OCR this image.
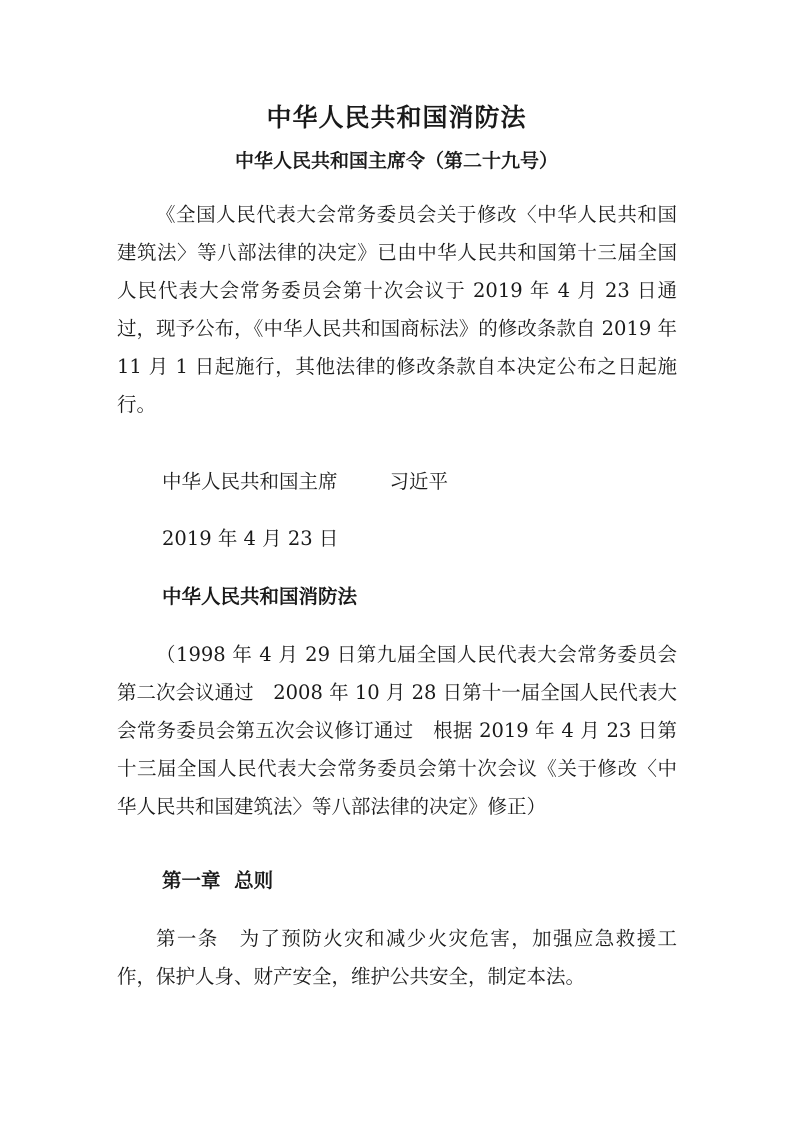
中华人民共和国消防法
中华人民共和国主席令（第二十九号）

《全国人民代表大会常务委员会关于修改〈中华人民共和国建筑法〉等八部法律的决定》已由中华人民共和国第十三届全国人民代表大会常务委员会第十次会议于 2019 年 4 月 23 日通过，现予公布，《中华人民共和国商标法》的修改条款自 2019 年 11 月 1 日起施行，其他法律的修改条款自本决定公布之日起施行。

中华人民共和国主席	习近平

2019 年 4 月 23 日

中华人民共和国消防法

（1998 年 4 月 29 日第九届全国人民代表大会常务委员会第二次会议通过　2008 年 10 月 28 日第十一届全国人民代表大会常务委员会第五次会议修订通过　根据 2019 年 4 月 23 日第十三届全国人民代表大会常务委员会第十次会议《关于修改〈中华人民共和国建筑法〉等八部法律的决定》修正）

第一章  总则

第一条　为了预防火灾和减少火灾危害，加强应急救援工作，保护人身、财产安全，维护公共安全，制定本法。
